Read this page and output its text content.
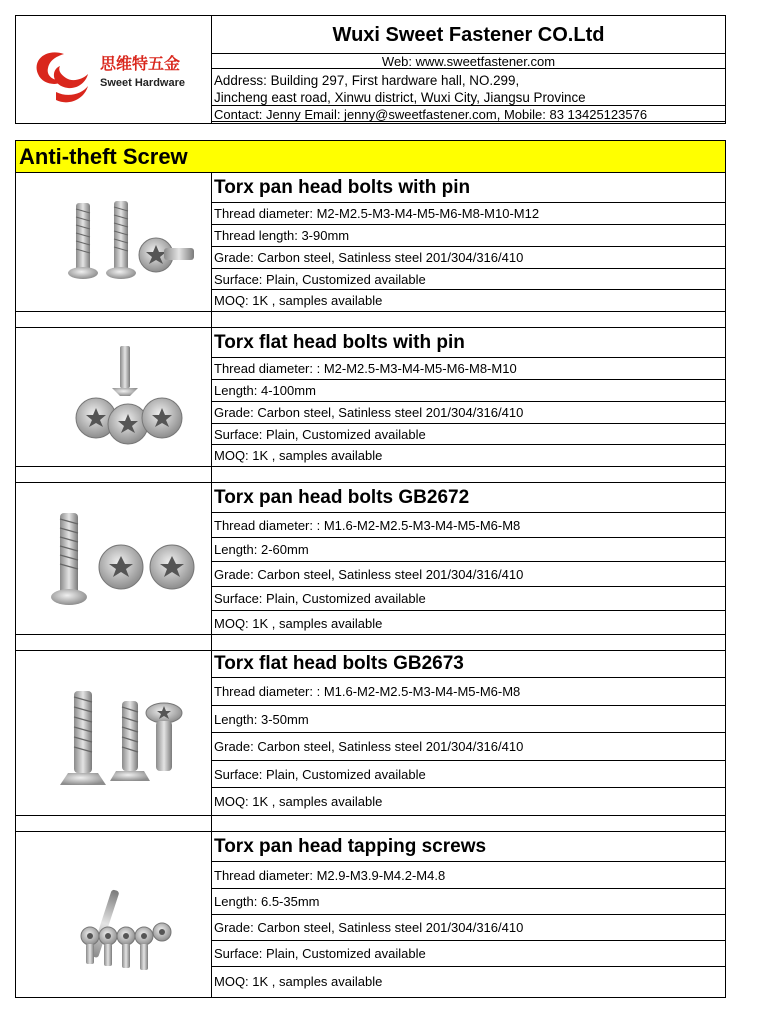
思维特五金
Sweet Hardware
Wuxi Sweet Fastener CO.Ltd
Web: www.sweetfastener.com
Address: Building 297, First hardware hall, NO.299,
Jincheng east road, Xinwu district, Wuxi City, Jiangsu Province
Contact: Jenny Email: jenny@sweetfastener.com, Mobile: 83 13425123576
Anti-theft Screw
Torx pan head bolts with pin
Thread diameter: M2-M2.5-M3-M4-M5-M6-M8-M10-M12
Thread length: 3-90mm
Grade: Carbon steel, Satinless steel 201/304/316/410
Surface: Plain, Customized available
MOQ: 1K , samples available
Torx flat head bolts with pin
Thread diameter: : M2-M2.5-M3-M4-M5-M6-M8-M10
Length: 4-100mm
Grade: Carbon steel, Satinless steel 201/304/316/410
Surface: Plain, Customized available
MOQ: 1K , samples available
Torx pan head bolts GB2672
Thread diameter: : M1.6-M2-M2.5-M3-M4-M5-M6-M8
Length: 2-60mm
Grade: Carbon steel, Satinless steel 201/304/316/410
Surface: Plain, Customized available
MOQ: 1K , samples available
Torx flat head bolts GB2673
Thread diameter: : M1.6-M2-M2.5-M3-M4-M5-M6-M8
Length: 3-50mm
Grade: Carbon steel, Satinless steel 201/304/316/410
Surface: Plain, Customized available
MOQ: 1K , samples available
Torx pan head tapping screws
Thread diameter: M2.9-M3.9-M4.2-M4.8
Length: 6.5-35mm
Grade: Carbon steel, Satinless steel 201/304/316/410
Surface: Plain, Customized available
MOQ: 1K , samples available
